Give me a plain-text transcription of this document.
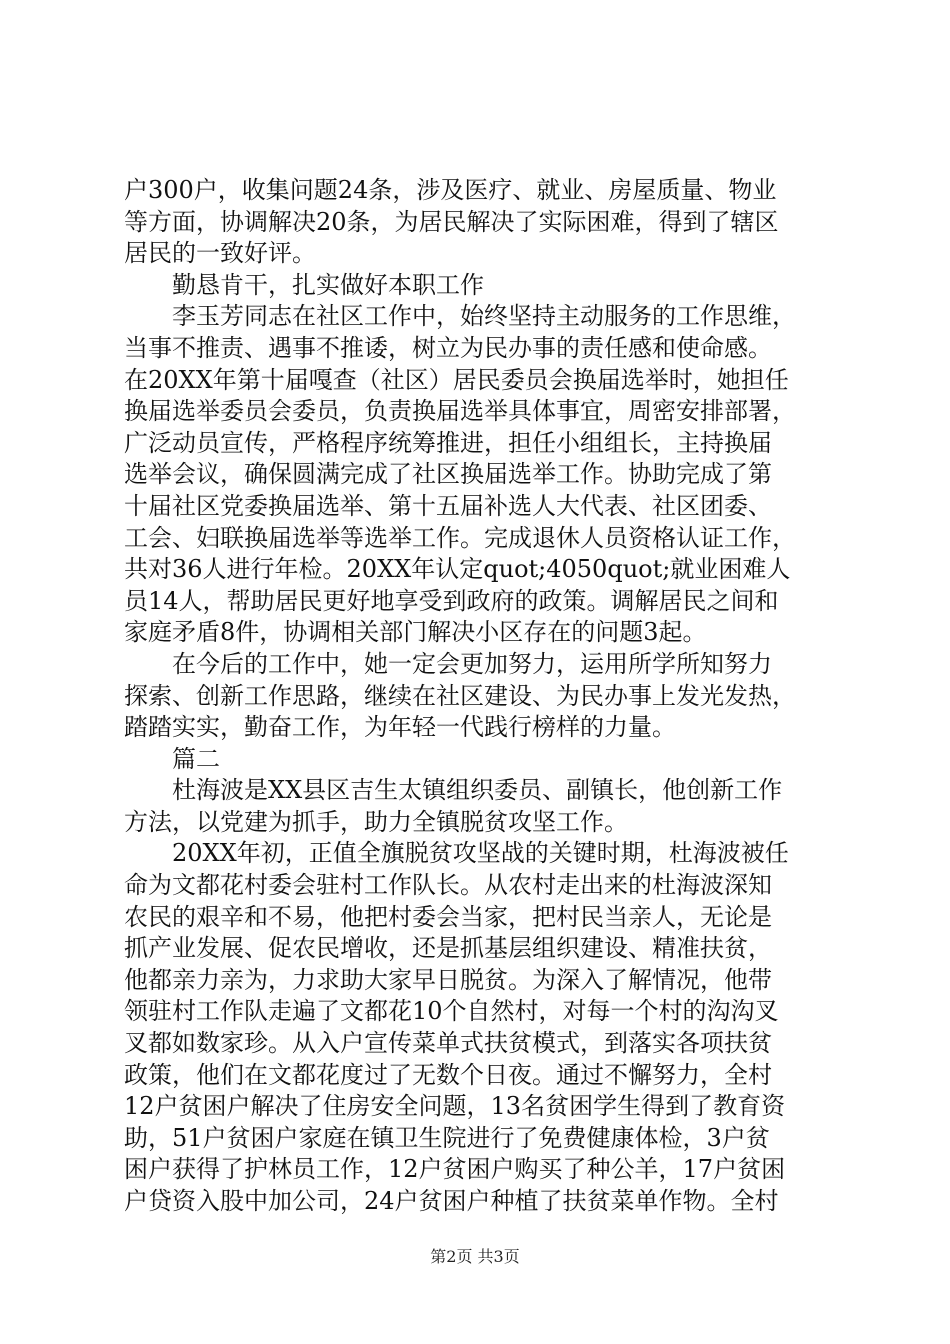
户300户，收集问题24条，涉及医疗、就业、房屋质量、物业
等方面，协调解决20条，为居民解决了实际困难，得到了辖区
居民的一致好评。
　　勤恳肯干，扎实做好本职工作
　　李玉芳同志在社区工作中，始终坚持主动服务的工作思维，
当事不推责、遇事不推诿，树立为民办事的责任感和使命感。
在20XX年第十届嘎查（社区）居民委员会换届选举时，她担任
换届选举委员会委员，负责换届选举具体事宜，周密安排部署，
广泛动员宣传，严格程序统筹推进，担任小组组长，主持换届
选举会议，确保圆满完成了社区换届选举工作。协助完成了第
十届社区党委换届选举、第十五届补选人大代表、社区团委、
工会、妇联换届选举等选举工作。完成退休人员资格认证工作，
共对36人进行年检。20XX年认定quot;4050quot;就业困难人
员14人，帮助居民更好地享受到政府的政策。调解居民之间和
家庭矛盾8件，协调相关部门解决小区存在的问题3起。
　　在今后的工作中，她一定会更加努力，运用所学所知努力
探索、创新工作思路，继续在社区建设、为民办事上发光发热，
踏踏实实，勤奋工作，为年轻一代践行榜样的力量。
　　篇二
　　杜海波是XX县区吉生太镇组织委员、副镇长，他创新工作
方法，以党建为抓手，助力全镇脱贫攻坚工作。
　　20XX年初，正值全旗脱贫攻坚战的关键时期，杜海波被任
命为文都花村委会驻村工作队长。从农村走出来的杜海波深知
农民的艰辛和不易，他把村委会当家，把村民当亲人，无论是
抓产业发展、促农民增收，还是抓基层组织建设、精准扶贫，
他都亲力亲为，力求助大家早日脱贫。为深入了解情况，他带
领驻村工作队走遍了文都花10个自然村，对每一个村的沟沟叉
叉都如数家珍。从入户宣传菜单式扶贫模式，到落实各项扶贫
政策，他们在文都花度过了无数个日夜。通过不懈努力，全村
12户贫困户解决了住房安全问题，13名贫困学生得到了教育资
助，51户贫困户家庭在镇卫生院进行了免费健康体检，3户贫
困户获得了护林员工作，12户贫困户购买了种公羊，17户贫困
户贷资入股中加公司，24户贫困户种植了扶贫菜单作物。全村
第2页 共3页
